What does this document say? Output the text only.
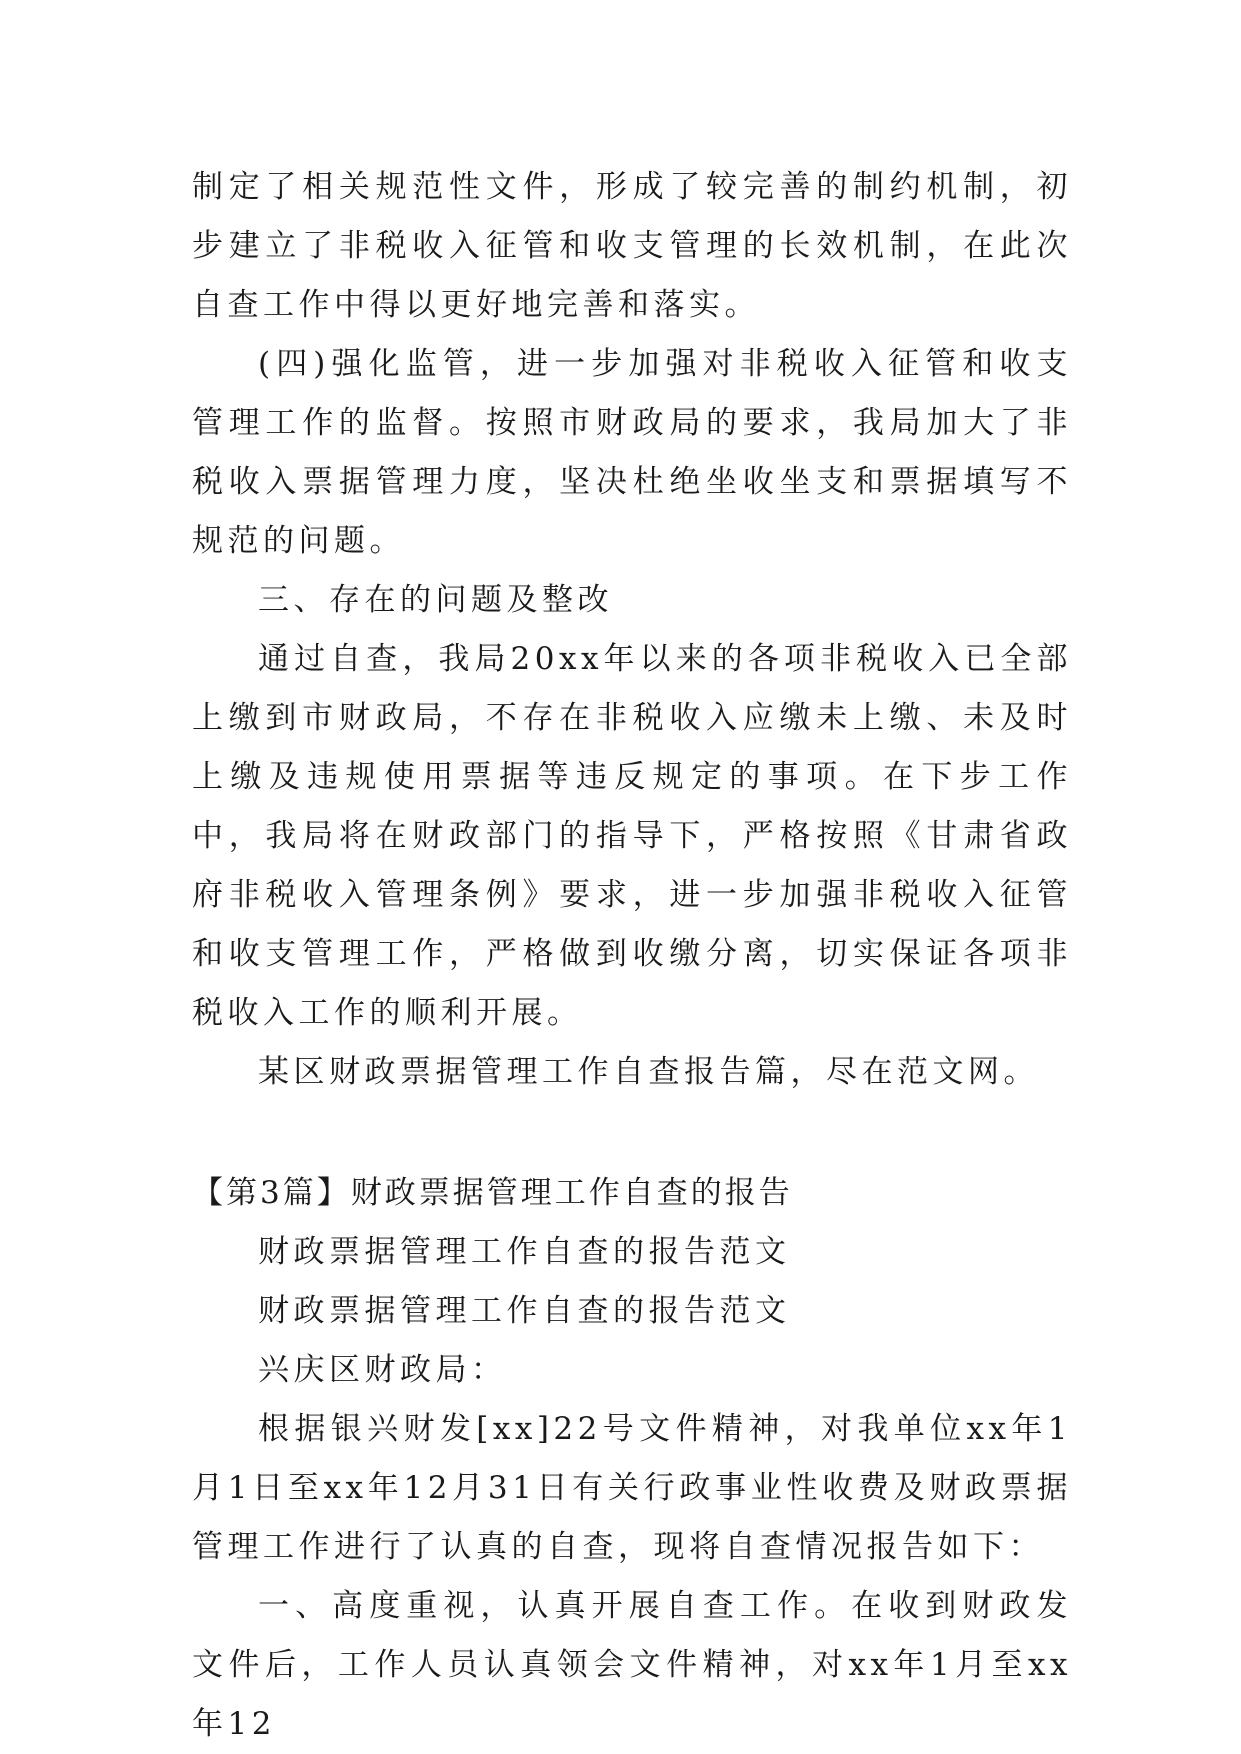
制定了相关规范性文件，形成了较完善的制约机制，初步建立了非税收入征管和收支管理的长效机制，在此次自查工作中得以更好地完善和落实。

(四)强化监管，进一步加强对非税收入征管和收支管理工作的监督。按照市财政局的要求，我局加大了非税收入票据管理力度，坚决杜绝坐收坐支和票据填写不规范的问题。

三、存在的问题及整改

通过自查，我局20xx年以来的各项非税收入已全部上缴到市财政局，不存在非税收入应缴未上缴、未及时上缴及违规使用票据等违反规定的事项。在下步工作中，我局将在财政部门的指导下，严格按照《甘肃省政府非税收入管理条例》要求，进一步加强非税收入征管和收支管理工作，严格做到收缴分离，切实保证各项非税收入工作的顺利开展。

某区财政票据管理工作自查报告篇，尽在范文网。

【第3篇】财政票据管理工作自查的报告

财政票据管理工作自查的报告范文

财政票据管理工作自查的报告范文

兴庆区财政局：

根据银兴财发[xx]22号文件精神，对我单位xx年1月1日至xx年12月31日有关行政事业性收费及财政票据管理工作进行了认真的自查，现将自查情况报告如下：

一、高度重视，认真开展自查工作。在收到财政发文件后，工作人员认真领会文件精神，对xx年1月至xx年12
